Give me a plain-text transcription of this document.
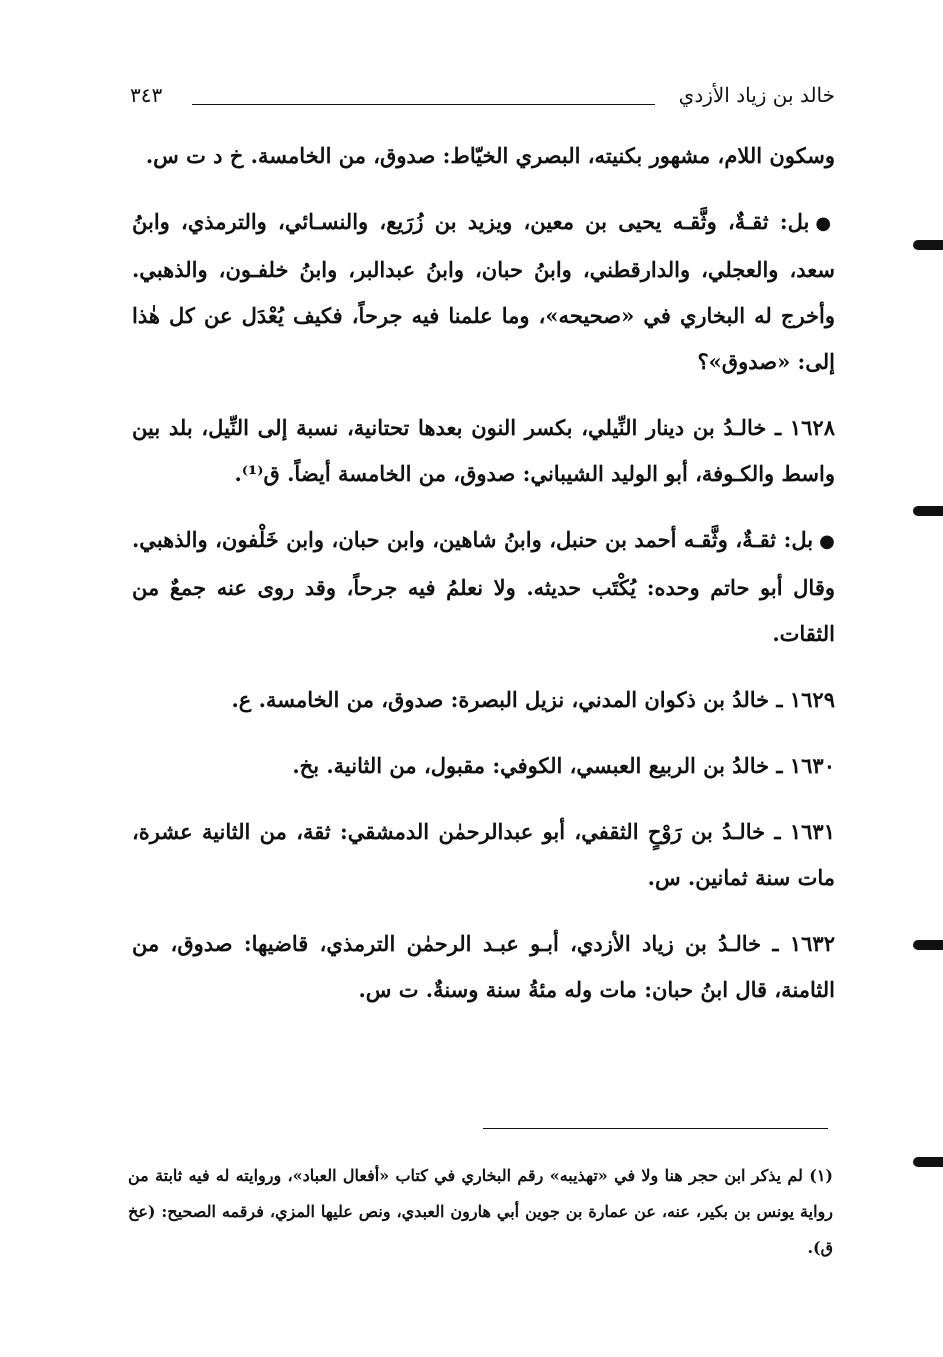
خالد بن زياد الأزدي
٣٤٣

وسكون اللام، مشهور بكنيته، البصري الخيّاط: صدوق، من الخامسة. خ د ت س.

●بل: ثقـةٌ، وثَّقـه يحيى بن معين، ويزيد بن زُرَيع، والنسـائي، والترمذي، وابنُ سعد، والعجلي، والدارقطني، وابنُ حبان، وابنُ عبدالبر، وابنُ خلفـون، والذهبي. وأخرج له البخاري في «صحيحه»، وما علمنا فيه جرحاً، فكيف يُعْدَل عن كل هٰذا إلى: «صدوق»؟

١٦٢٨ ـ خالـدُ بن دينار النِّيلي، بكسر النون بعدها تحتانية، نسبة إلى النِّيل، بلد بين واسط والكـوفة، أبو الوليد الشيباني: صدوق، من الخامسة أيضاً. ق⁽¹⁾.

●بل: ثقـةٌ، وثَّقـه أحمد بن حنبل، وابنُ شاهين، وابن حبان، وابن خَلْفون، والذهبي. وقال أبو حاتم وحده: يُكْتَب حديثه. ولا نعلمُ فيه جرحاً، وقد روى عنه جمعٌ من الثقات.

١٦٢٩ ـ خالدُ بن ذكوان المدني، نزيل البصرة: صدوق، من الخامسة. ع.

١٦٣٠ ـ خالدُ بن الربيع العبسي، الكوفي: مقبول، من الثانية. بخ.

١٦٣١ ـ خالـدُ بن رَوْحٍ الثقفي، أبو عبدالرحمٰن الدمشقي: ثقة، من الثانية عشرة، مات سنة ثمانين. س.

١٦٣٢ ـ خالـدُ بن زياد الأزدي، أبـو عبـد الرحمٰن الترمذي، قاضيها: صدوق، من الثامنة، قال ابنُ حبان: مات وله مئةُ سنة وسنةٌ. ت س.

(١) لم يذكر ابن حجر هنا ولا في «تهذيبه» رقم البخاري في كتاب «أفعال العباد»، وروايته له فيه ثابتة من رواية يونس بن بكير، عنه، عن عمارة بن جوين أبي هارون العبدي، ونص عليها المزي، فرقمه الصحيح: (عخ ق).
